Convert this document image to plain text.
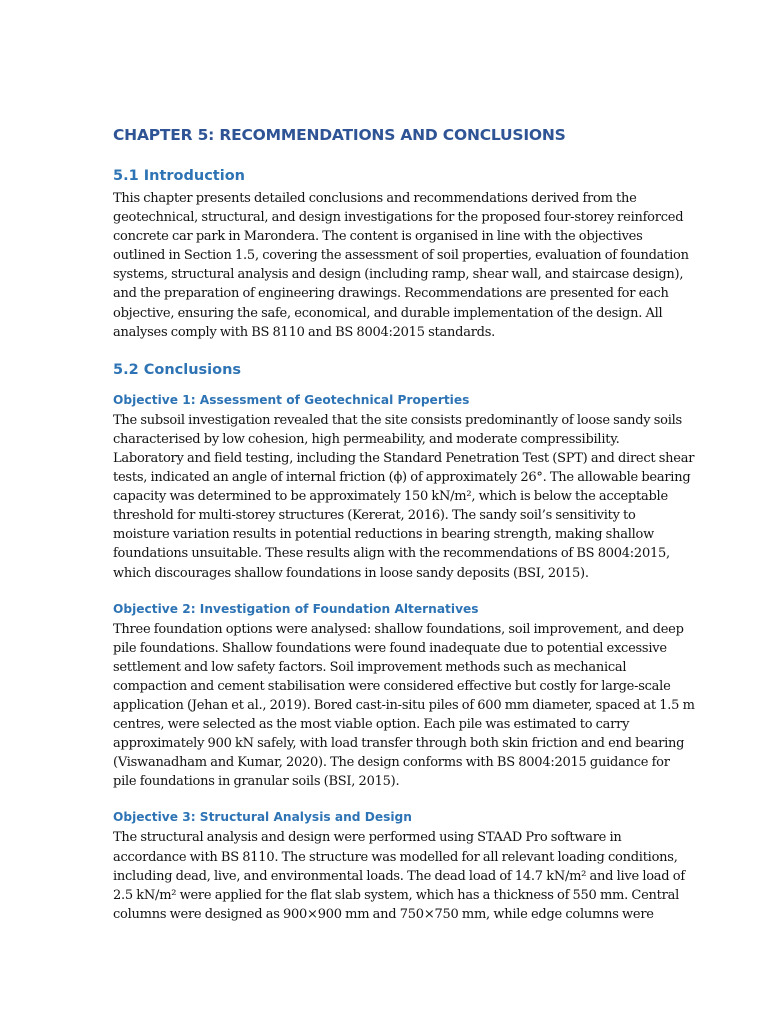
CHAPTER 5: RECOMMENDATIONS AND CONCLUSIONS
5.1 Introduction

This chapter presents detailed conclusions and recommendations derived from the
geotechnical, structural, and design investigations for the proposed four-storey reinforced
concrete car park in Marondera. The content is organised in line with the objectives
outlined in Section 1.5, covering the assessment of soil properties, evaluation of foundation
systems, structural analysis and design (including ramp, shear wall, and staircase design),
and the preparation of engineering drawings. Recommendations are presented for each
objective, ensuring the safe, economical, and durable implementation of the design. All
analyses comply with BS 8110 and BS 8004:2015 standards.

5.2 Conclusions
Objective 1: Assessment of Geotechnical Properties

The subsoil investigation revealed that the site consists predominantly of loose sandy soils
characterised by low cohesion, high permeability, and moderate compressibility.
Laboratory and field testing, including the Standard Penetration Test (SPT) and direct shear
tests, indicated an angle of internal friction (ϕ) of approximately 26°. The allowable bearing
capacity was determined to be approximately 150 kN/m², which is below the acceptable
threshold for multi-storey structures (Kererat, 2016). The sandy soil’s sensitivity to
moisture variation results in potential reductions in bearing strength, making shallow
foundations unsuitable. These results align with the recommendations of BS 8004:2015,
which discourages shallow foundations in loose sandy deposits (BSI, 2015).

Objective 2: Investigation of Foundation Alternatives

Three foundation options were analysed: shallow foundations, soil improvement, and deep
pile foundations. Shallow foundations were found inadequate due to potential excessive
settlement and low safety factors. Soil improvement methods such as mechanical
compaction and cement stabilisation were considered effective but costly for large-scale
application (Jehan et al., 2019). Bored cast-in-situ piles of 600 mm diameter, spaced at 1.5 m
centres, were selected as the most viable option. Each pile was estimated to carry
approximately 900 kN safely, with load transfer through both skin friction and end bearing
(Viswanadham and Kumar, 2020). The design conforms with BS 8004:2015 guidance for
pile foundations in granular soils (BSI, 2015).

Objective 3: Structural Analysis and Design

The structural analysis and design were performed using STAAD Pro software in
accordance with BS 8110. The structure was modelled for all relevant loading conditions,
including dead, live, and environmental loads. The dead load of 14.7 kN/m² and live load of
2.5 kN/m² were applied for the flat slab system, which has a thickness of 550 mm. Central
columns were designed as 900×900 mm and 750×750 mm, while edge columns were
